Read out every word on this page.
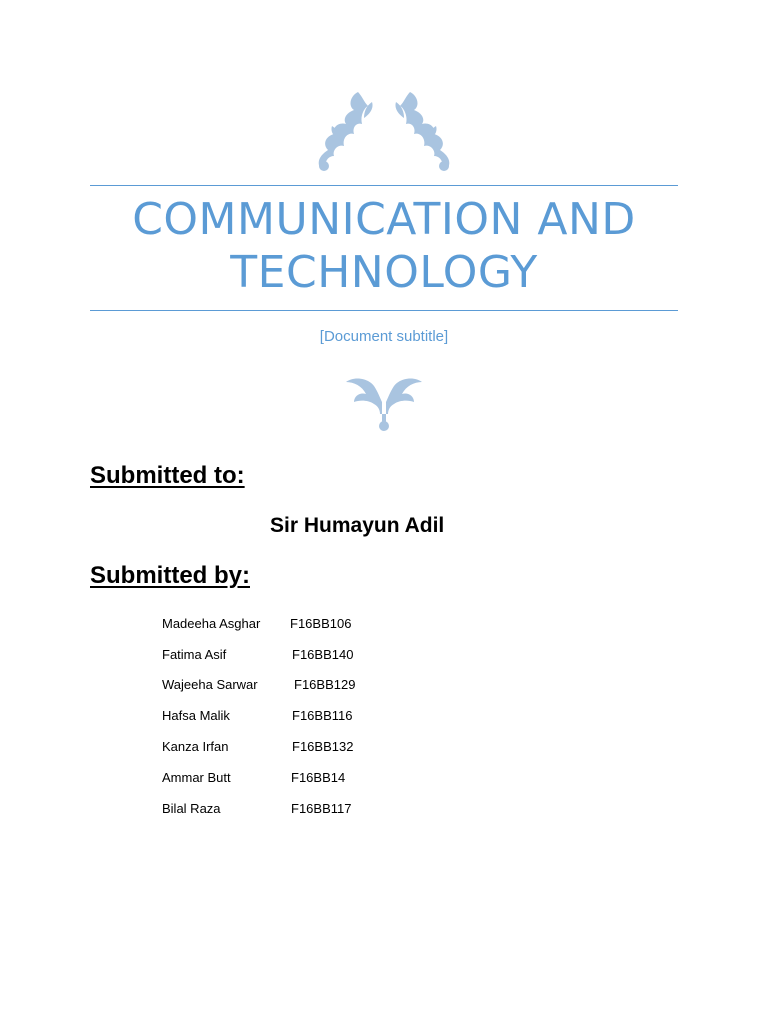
COMMUNICATION AND TECHNOLOGY
[Document subtitle]
Submitted to:
Sir Humayun Adil
Submitted by:
Madeeha Asghar	F16BB106
Fatima Asif	F16BB140
Wajeeha Sarwar	F16BB129
Hafsa Malik	F16BB116
Kanza Irfan	F16BB132
Ammar Butt	F16BB14
Bilal Raza	F16BB117
